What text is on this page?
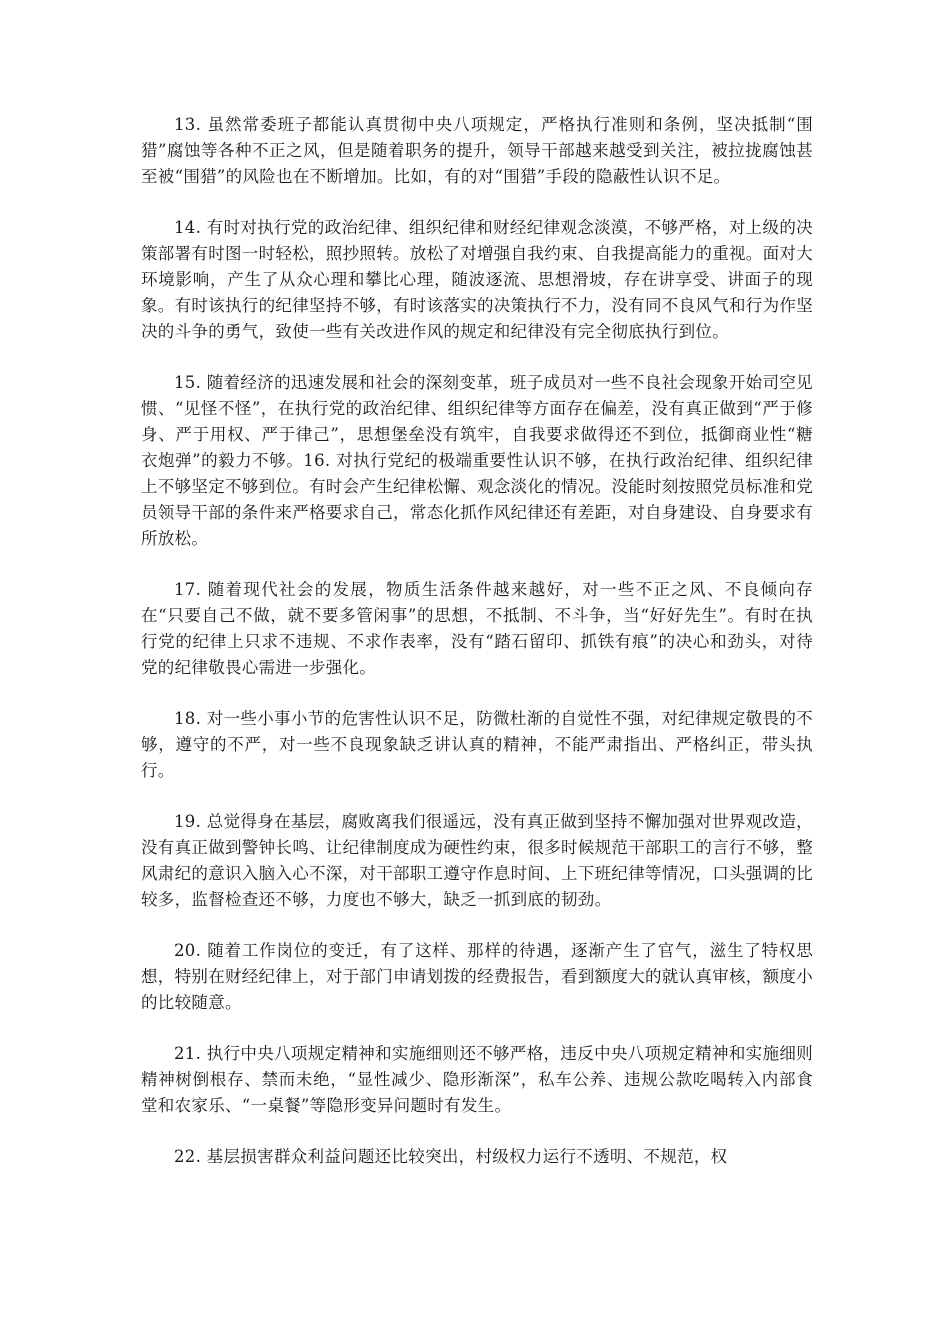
13. 虽然常委班子都能认真贯彻中央八项规定，严格执行准则和条例，坚决抵制“围猎”腐蚀等各种不正之风，但是随着职务的提升，领导干部越来越受到关注，被拉拢腐蚀甚至被“围猎”的风险也在不断增加。比如，有的对“围猎”手段的隐蔽性认识不足。

14. 有时对执行党的政治纪律、组织纪律和财经纪律观念淡漠，不够严格，对上级的决策部署有时图一时轻松，照抄照转。放松了对增强自我约束、自我提高能力的重视。面对大环境影响，产生了从众心理和攀比心理，随波逐流、思想滑坡，存在讲享受、讲面子的现象。有时该执行的纪律坚持不够，有时该落实的决策执行不力，没有同不良风气和行为作坚决的斗争的勇气，致使一些有关改进作风的规定和纪律没有完全彻底执行到位。

15. 随着经济的迅速发展和社会的深刻变革，班子成员对一些不良社会现象开始司空见惯、“见怪不怪”，在执行党的政治纪律、组织纪律等方面存在偏差，没有真正做到“严于修身、严于用权、严于律己”，思想堡垒没有筑牢，自我要求做得还不到位，抵御商业性“糖衣炮弹”的毅力不够。16. 对执行党纪的极端重要性认识不够，在执行政治纪律、组织纪律上不够坚定不够到位。有时会产生纪律松懈、观念淡化的情况。没能时刻按照党员标准和党员领导干部的条件来严格要求自己，常态化抓作风纪律还有差距，对自身建设、自身要求有所放松。

17. 随着现代社会的发展，物质生活条件越来越好，对一些不正之风、不良倾向存在“只要自己不做，就不要多管闲事”的思想，不抵制、不斗争，当“好好先生”。有时在执行党的纪律上只求不违规、不求作表率，没有“踏石留印、抓铁有痕”的决心和劲头，对待党的纪律敬畏心需进一步强化。

18. 对一些小事小节的危害性认识不足，防微杜渐的自觉性不强，对纪律规定敬畏的不够，遵守的不严，对一些不良现象缺乏讲认真的精神，不能严肃指出、严格纠正，带头执行。

19. 总觉得身在基层，腐败离我们很遥远，没有真正做到坚持不懈加强对世界观改造，没有真正做到警钟长鸣、让纪律制度成为硬性约束，很多时候规范干部职工的言行不够，整风肃纪的意识入脑入心不深，对干部职工遵守作息时间、上下班纪律等情况，口头强调的比较多，监督检查还不够，力度也不够大，缺乏一抓到底的韧劲。

20. 随着工作岗位的变迁，有了这样、那样的待遇，逐渐产生了官气，滋生了特权思想，特别在财经纪律上，对于部门申请划拨的经费报告，看到额度大的就认真审核，额度小的比较随意。

21. 执行中央八项规定精神和实施细则还不够严格，违反中央八项规定精神和实施细则精神树倒根存、禁而未绝，“显性减少、隐形渐深”，私车公养、违规公款吃喝转入内部食堂和农家乐、“一桌餐”等隐形变异问题时有发生。

22. 基层损害群众利益问题还比较突出，村级权力运行不透明、不规范，权
